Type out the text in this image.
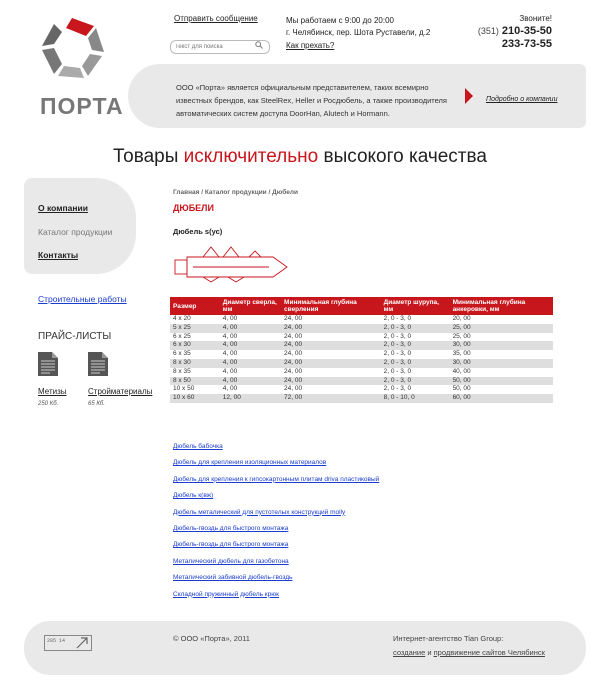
ПОРТА
Отправить сообщение
Текст для поиска	Мы работаем с 9:00 до 20:00
г. Челябинск, пер. Шота Руставели, д.2
Как прехать?
Звоните!
(351) 210-35-50
233-73-55
ООО «Порта» является официальным представителем, таких всемирно известных брендов, как SteelRex, Heller и Росдюбель, а также производителя автоматических систем доступа DoorHan, Alutech и Hormann.
Подробно о компании
Товары исключительно высокого качества
О компании
Каталог продукции
Контакты
Строительные работы
ПРАЙС-ЛИСТЫ
Метизы	Стройматериалы
250 Кб.	65 Кб.
Главная / Каталог продукции / Дюбели
ДЮБЕЛИ
Дюбель s(ус)
Размер	Диаметр сверла, мм	Минимальная глубина сверления	Диаметр шурупа, мм	Минимальная глубина анкеровки, мм
4 x 20	4, 00	24, 00	2, 0 - 3, 0	20, 00
5 x 25	4, 00	24, 00	2, 0 - 3, 0	25, 00
6 x 25	4, 00	24, 00	2, 0 - 3, 0	25, 00
6 x 30	4, 00	24, 00	2, 0 - 3, 0	30, 00
6 x 35	4, 00	24, 00	2, 0 - 3, 0	35, 00
8 x 30	4, 00	24, 00	2, 0 - 3, 0	30, 00
8 x 35	4, 00	24, 00	2, 0 - 3, 0	40, 00
8 x 50	4, 00	24, 00	2, 0 - 3, 0	50, 00
10 x 50	4, 00	24, 00	2, 0 - 3, 0	50, 00
10 x 60	12, 00	72, 00	8, 0 - 10, 0	60, 00
Дюбель бабочка
Дюбель для крепления изоляционных материалов
Дюбель для крепления к гипсокартонным плитам driva пластиковый
Дюбель к(вж)
Дюбель металический для пустотелых конструкций molly
Дюбель-гвоздь для быстрого монтажа
Дюбель-гвоздь для быстрого монтажа
Металический дюбель для газобетона
Металический забивной дюбель-гвоздь
Складной пружинный дюбель крюк
205 14	© ООО «Порта», 2011	Интернет-агентство Tian Group:
создание и продвижение сайтов Челябинск
